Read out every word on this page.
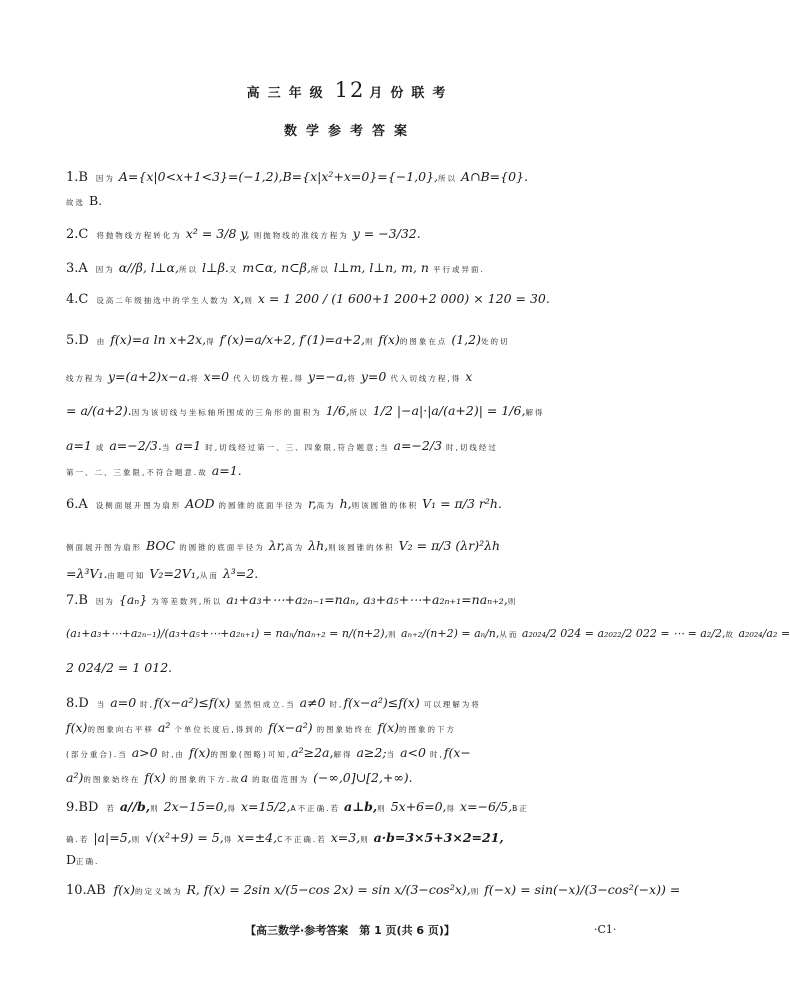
高三年级 12 月份联考
数学参考答案
1.B 因为 A={x|0<x+1<3}=(−1,2),B={x|x²+x=0}={−1,0},所以 A∩B={0}.
故选 B.
2.C 将抛物线方程转化为 x² = 3/8 y, 则抛物线的准线方程为 y = −3/32.
3.A 因为 α//β, l⊥α,所以 l⊥β.又 m⊂α, n⊂β,所以 l⊥m, l⊥n, m, n 平行或异面.
4.C 设高二年级抽选中的学生人数为 x,则 x = 1 200 / (1 600+1 200+2 000) × 120 = 30.
5.D 由 f(x)=a ln x+2x,得 f′(x)=a/x+2, f′(1)=a+2,则 f(x)的图象在点 (1,2)处的切
线方程为 y=(a+2)x−a.将 x=0 代入切线方程,得 y=−a,将 y=0 代入切线方程,得 x
= a/(a+2).因为该切线与坐标轴所围成的三角形的面积为 1/6,所以 1/2 |−a|·|a/(a+2)| = 1/6,解得
a=1 或 a=−2/3.当 a=1 时,切线经过第一、三、四象限,符合题意;当 a=−2/3 时,切线经过
第一、二、三象限,不符合题意.故 a=1.
6.A 设侧面展开图为扇形 AOD 的圆锥的底面半径为 r,高为 h,则该圆锥的体积 V₁ = π/3 r²h.
侧面展开图为扇形 BOC 的圆锥的底面半径为 λr,高为 λh,则该圆锥的体积 V₂ = π/3 (λr)²λh
=λ³V₁.由题可知 V₂=2V₁,从而 λ³=2.
7.B 因为 {aₙ} 为等差数列,所以 a₁+a₃+⋯+a₂ₙ₋₁=naₙ, a₃+a₅+⋯+a₂ₙ₊₁=naₙ₊₂,则
(a₁+a₃+⋯+a₂ₙ₋₁)/(a₃+a₅+⋯+a₂ₙ₊₁) = naₙ/naₙ₊₂ = n/(n+2),则 aₙ₊₂/(n+2) = aₙ/n,从而 a₂₀₂₄/2 024 = a₂₀₂₂/2 022 = ⋯ = a₂/2,故 a₂₀₂₄/a₂ =
2 024/2 = 1 012.
8.D 当 a=0 时,f(x−a²)≤f(x) 显然恒成立.当 a≠0 时,f(x−a²)≤f(x) 可以理解为将
f(x)的图象向右平移 a² 个单位长度后,得到的 f(x−a²) 的图象始终在 f(x)的图象的下方
(部分重合).当 a>0 时,由 f(x)的图象(图略)可知,a²≥2a,解得 a≥2;当 a<0 时,f(x−
a²)的图象始终在 f(x) 的图象的下方.故a 的取值范围为 (−∞,0]∪[2,+∞).
9.BD 若 a//b,则 2x−15=0,得 x=15/2,A不正确.若 a⊥b,则 5x+6=0,得 x=−6/5,B正
确.若 |a|=5,则 √(x²+9) = 5,得 x=±4,C不正确.若 x=3,则 a·b=3×5+3×2=21,
D正确.
10.AB f(x)的定义域为 R, f(x) = 2sin x/(5−cos 2x) = sin x/(3−cos²x),则 f(−x) = sin(−x)/(3−cos²(−x)) =
【高三数学·参考答案　第 1 页(共 6 页)】	·C1·
